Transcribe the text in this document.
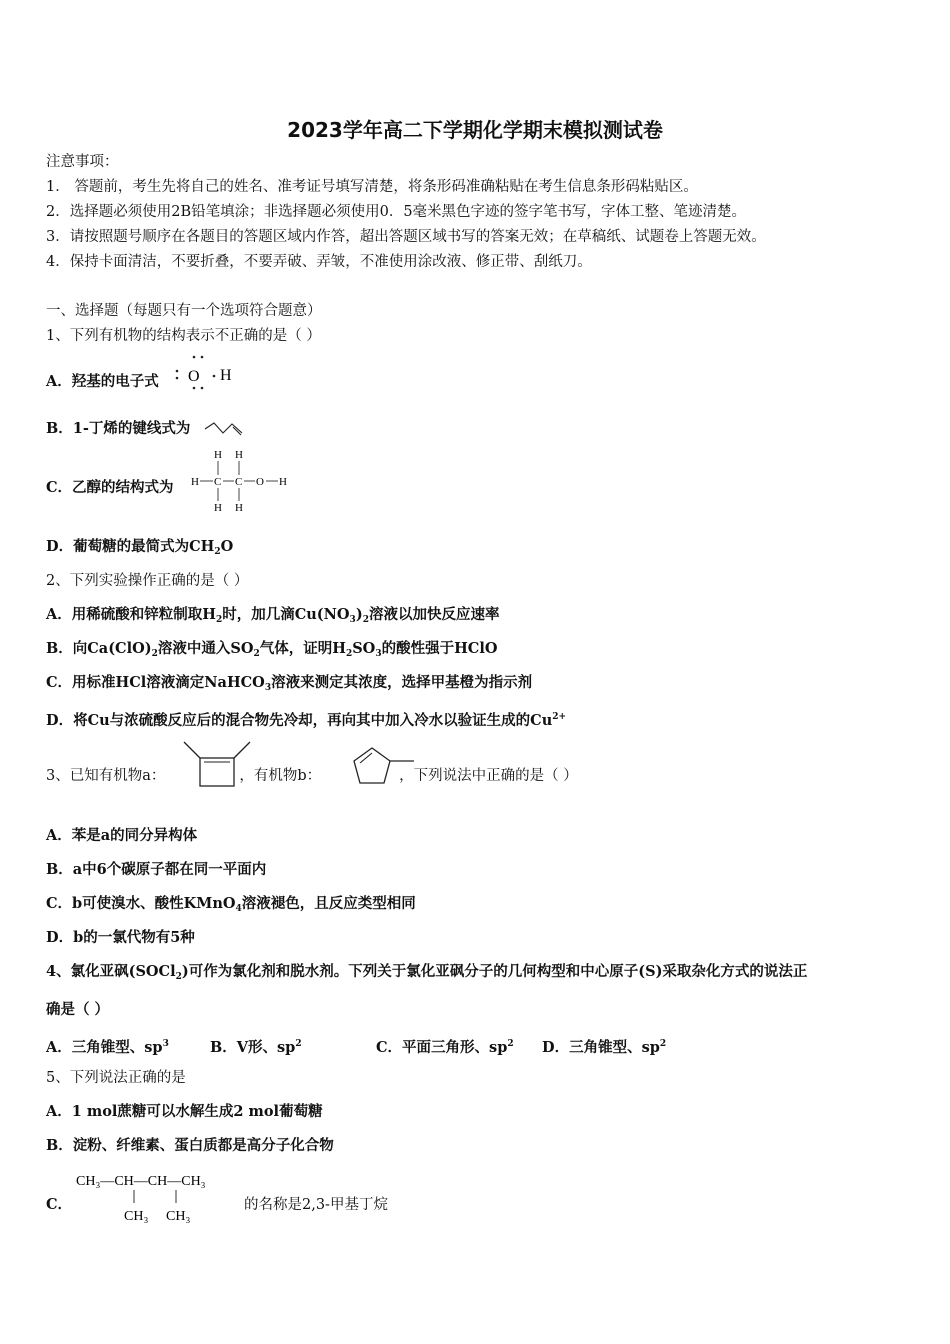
2023学年高二下学期化学期末模拟测试卷
注意事项：
1． 答题前，考生先将自己的姓名、准考证号填写清楚，将条形码准确粘贴在考生信息条形码粘贴区。
2．选择题必须使用2B铅笔填涂；非选择题必须使用0．5毫米黑色字迹的签字笔书写，字体工整、笔迹清楚。
3．请按照题号顺序在各题目的答题区域内作答，超出答题区域书写的答案无效；在草稿纸、试题卷上答题无效。
4．保持卡面清洁，不要折叠，不要弄破、弄皱，不准使用涂改液、修正带、刮纸刀。
一、选择题（每题只有一个选项符合题意）
1、下列有机物的结构表示不正确的是（ ）
A．羟基的电子式 O H
B．1-丁烯的键线式为
C．乙醇的结构式为
H H
H C C O H
H H
D．葡萄糖的最简式为$CH_2O$
2、下列实验操作正确的是（ ）
A．用稀硫酸和锌粒制取$H_2$时，加几滴$Cu(NO_3)_2$溶液以加快反应速率
B．向$Ca(ClO)_2$溶液中通入$SO_2$气体，证明$H_2SO_3$的酸性强于HClO
C．用标准HCl溶液滴定NaHCO$_3$溶液来测定其浓度，选择甲基橙为指示剂
D．将Cu与浓硫酸反应后的混合物先冷却，再向其中加入冷水以验证生成的$Cu^{2+}$
3、已知有机物a：	，有机物b：	，下列说法中正确的是（ ）
A．苯是a的同分异构体
B．a中6个碳原子都在同一平面内
C．b可使溴水、酸性KMnO$_4$溶液褪色，且反应类型相同
D．b的一氯代物有5种
4、氯化亚砜(SOCl$_2$)可作为氯化剂和脱水剂。下列关于氯化亚砜分子的几何构型和中心原子(S)采取杂化方式的说法正
确是（ ）
A．三角锥型、$sp^3$	B．V形、$sp^2$	C．平面三角形、$sp^2$ D．三角锥型、$sp^2$
5、下列说法正确的是
A．1 mol蔗糖可以水解生成2 mol葡萄糖
B．淀粉、纤维素、蛋白质都是高分子化合物
C．
CH₃—CH—CH—CH₃
CH₃ CH₃
的名称是2,3-甲基丁烷
